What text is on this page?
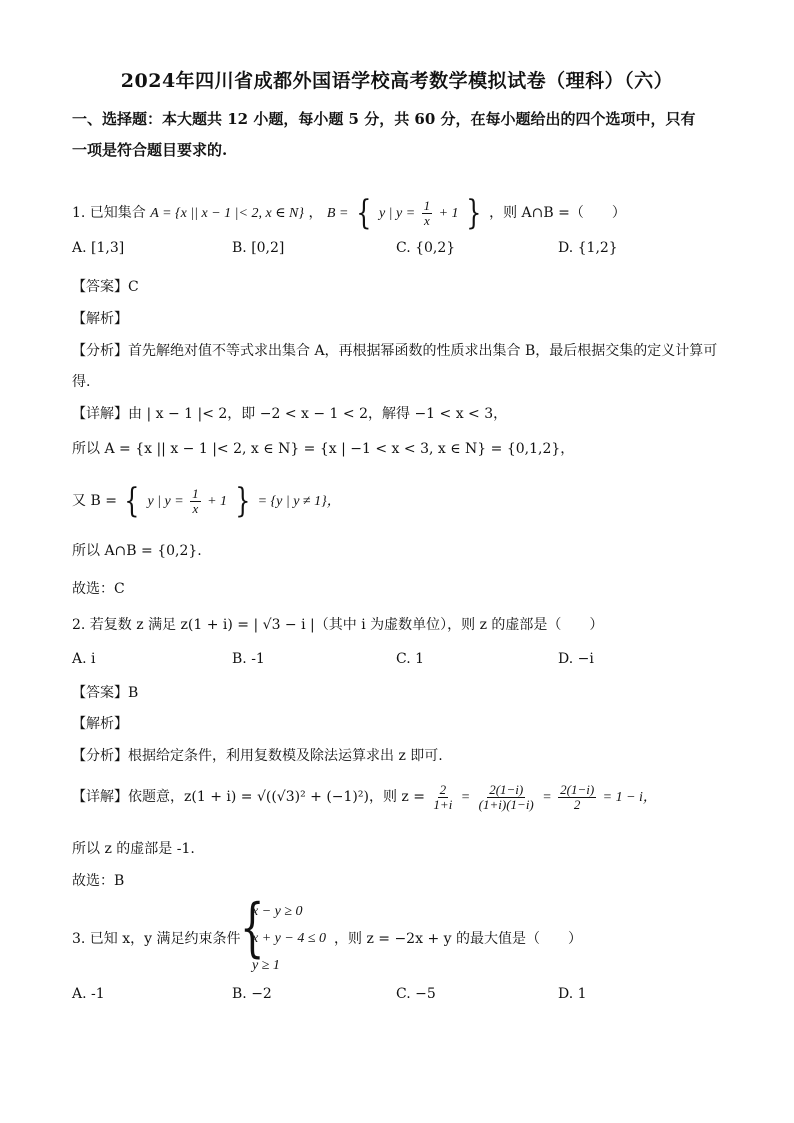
2024年四川省成都外国语学校高考数学模拟试卷（理科）（六）
一、选择题：本大题共 12 小题，每小题 5 分，共 60 分，在每小题给出的四个选项中，只有
一项是符合题目要求的.
1. 已知集合 A = {x || x − 1 |< 2, x ∈ N} ， B = { y | $y = \frac{1}{x} + 1$ } ，则 A∩B =（　　）
A. [1,3]	B. [0,2]	C. {0,2}	D. {1,2}
【答案】C
【解析】
【分析】首先解绝对值不等式求出集合 A，再根据幂函数的性质求出集合 B，最后根据交集的定义计算可
得.
【详解】由 | x − 1 |< 2，即 −2 < x − 1 < 2，解得 −1 < x < 3，
所以 A = {x || x − 1 |< 2, x ∈ N} = {x | −1 < x < 3, x ∈ N} = {0,1,2}，
又 B = { y | $y = \frac{1}{x} + 1$ } = {y | y ≠ 1}，
所以 A∩B = {0,2}.
故选：C
2. 若复数 z 满足 z(1 + i) = | √3 − i |（其中 i 为虚数单位），则 z 的虚部是（　　）
A. i	B. -1	C. 1	D. −i
【答案】B
【解析】
【分析】根据给定条件，利用复数模及除法运算求出 z 即可.
【详解】依题意，z(1 + i) = √((√3)² + (−1)²)，则 $z = \frac{2}{1+i} = \frac{2(1-i)}{(1+i)(1-i)} = \frac{2(1-i)}{2} = 1 - i$，
所以 z 的虚部是 -1.
故选：B
3. 已知 x，y 满足约束条件 {
x − y ≥ 0
x + y − 4 ≤ 0
y ≥ 1
，则 z = −2x + y 的最大值是（　　）
A. -1	B. −2	C. −5	D. 1
